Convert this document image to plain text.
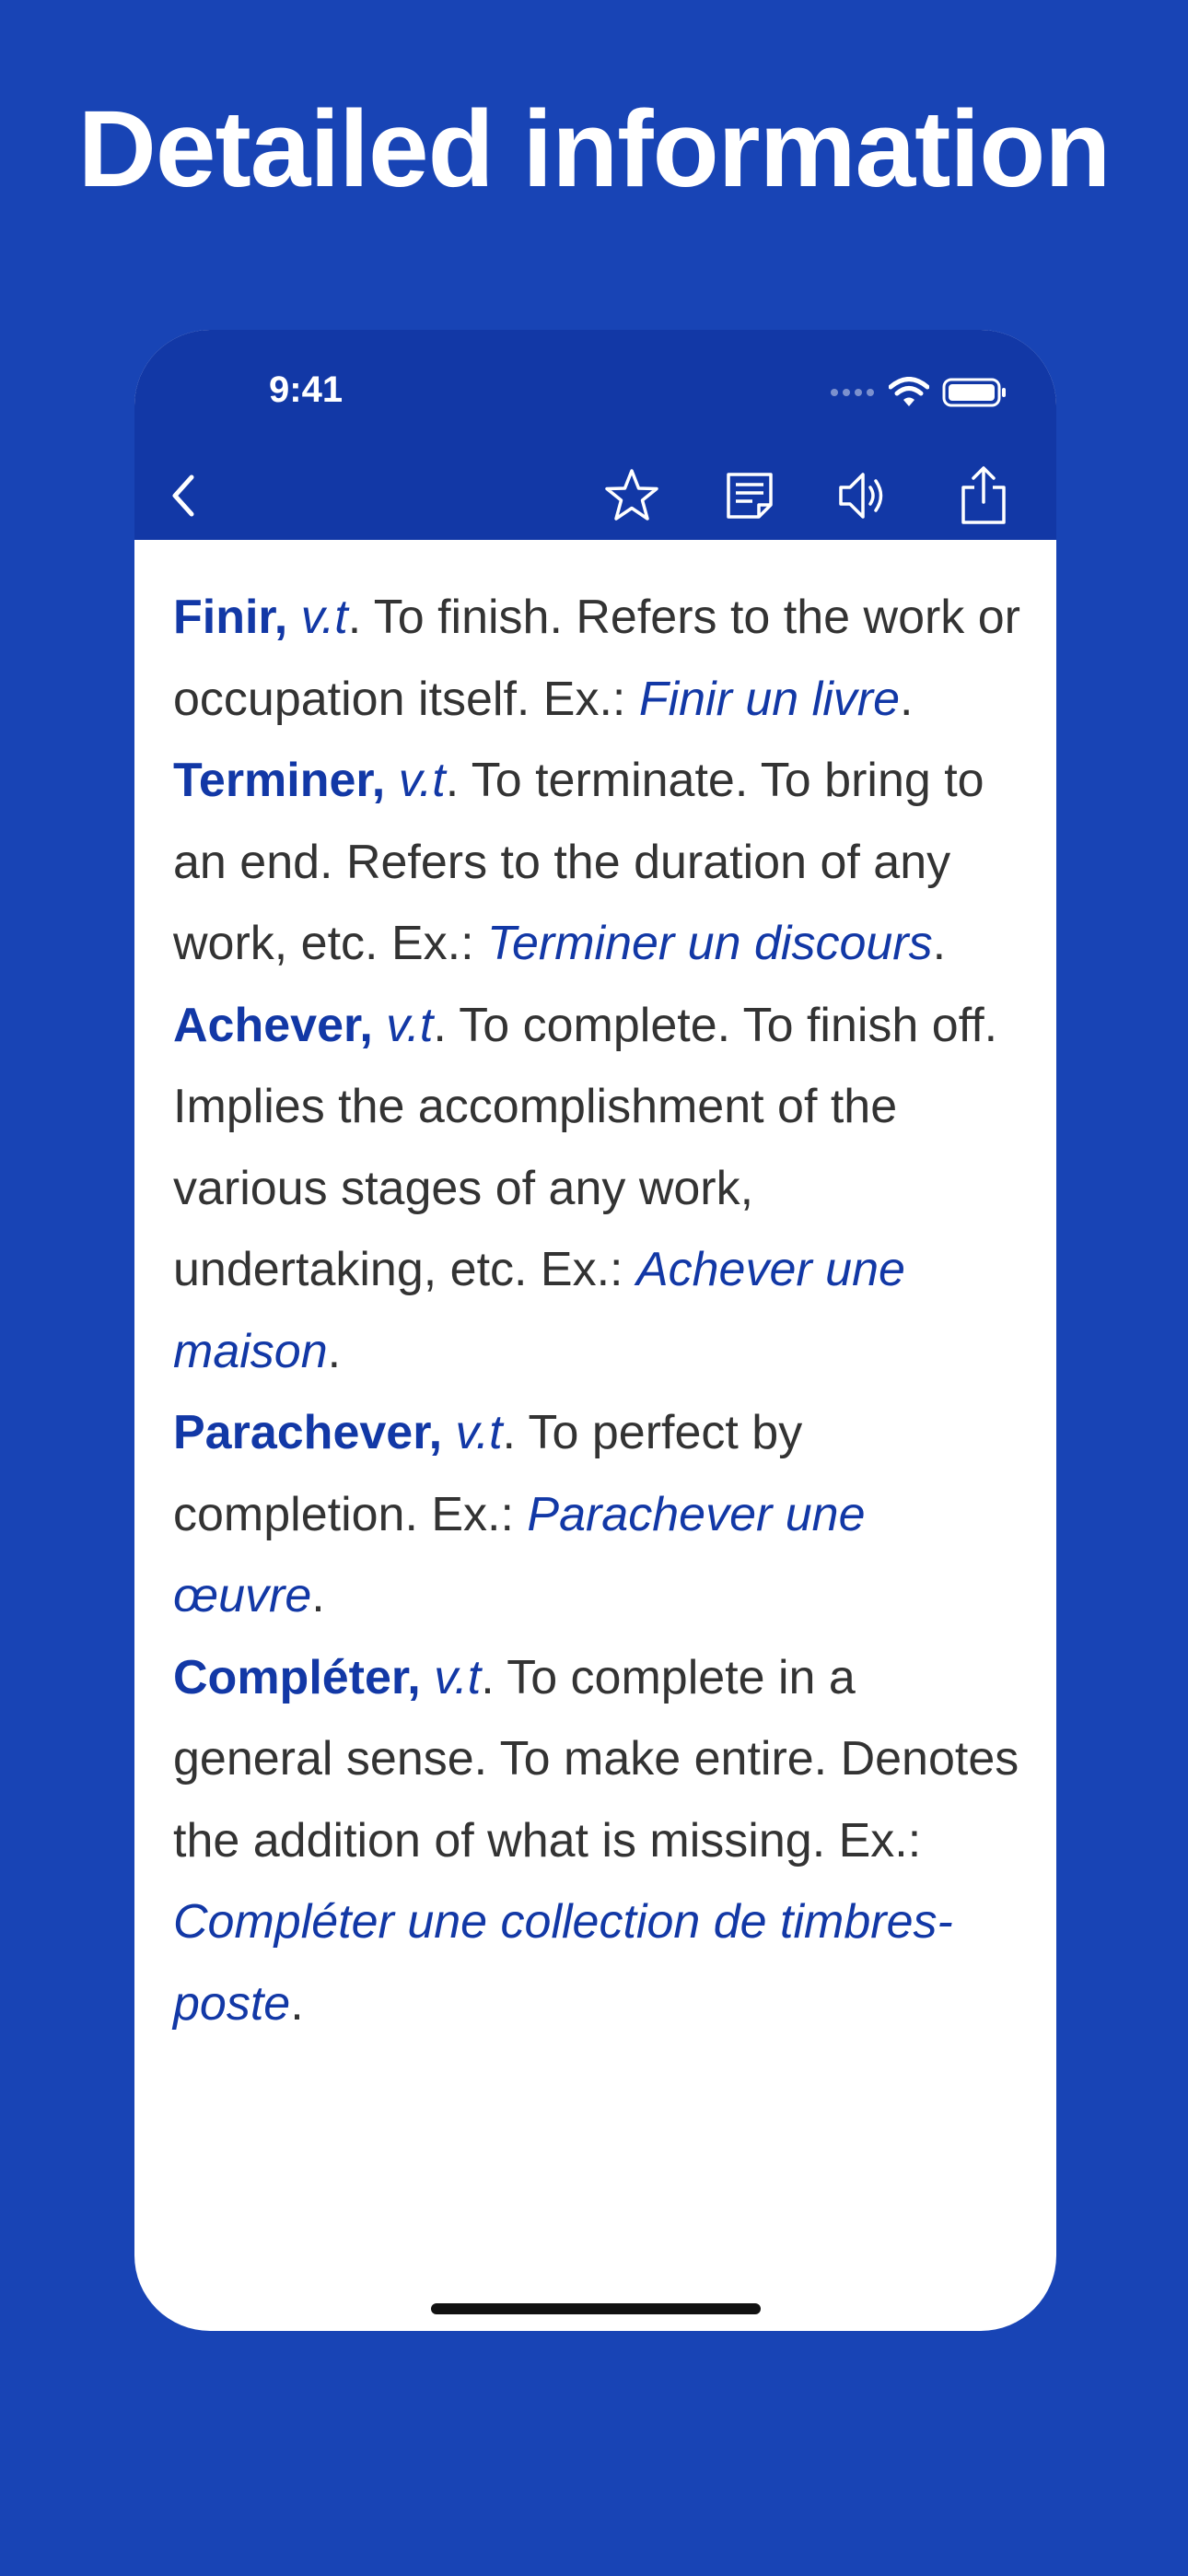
Detailed information
9:41

Finir, v.t. To finish. Refers to the work or occupation itself. Ex.: Finir un livre.

Terminer, v.t. To terminate. To bring to an end. Refers to the duration of any work, etc. Ex.: Terminer un discours.

Achever, v.t. To complete. To finish off. Implies the accomplishment of the various stages of any work, undertaking, etc. Ex.: Achever une maison.

Parachever, v.t. To perfect by completion. Ex.: Parachever une œuvre.

Compléter, v.t. To complete in a general sense. To make entire. Denotes the addition of what is missing. Ex.: Compléter une collection de timbres-poste.
